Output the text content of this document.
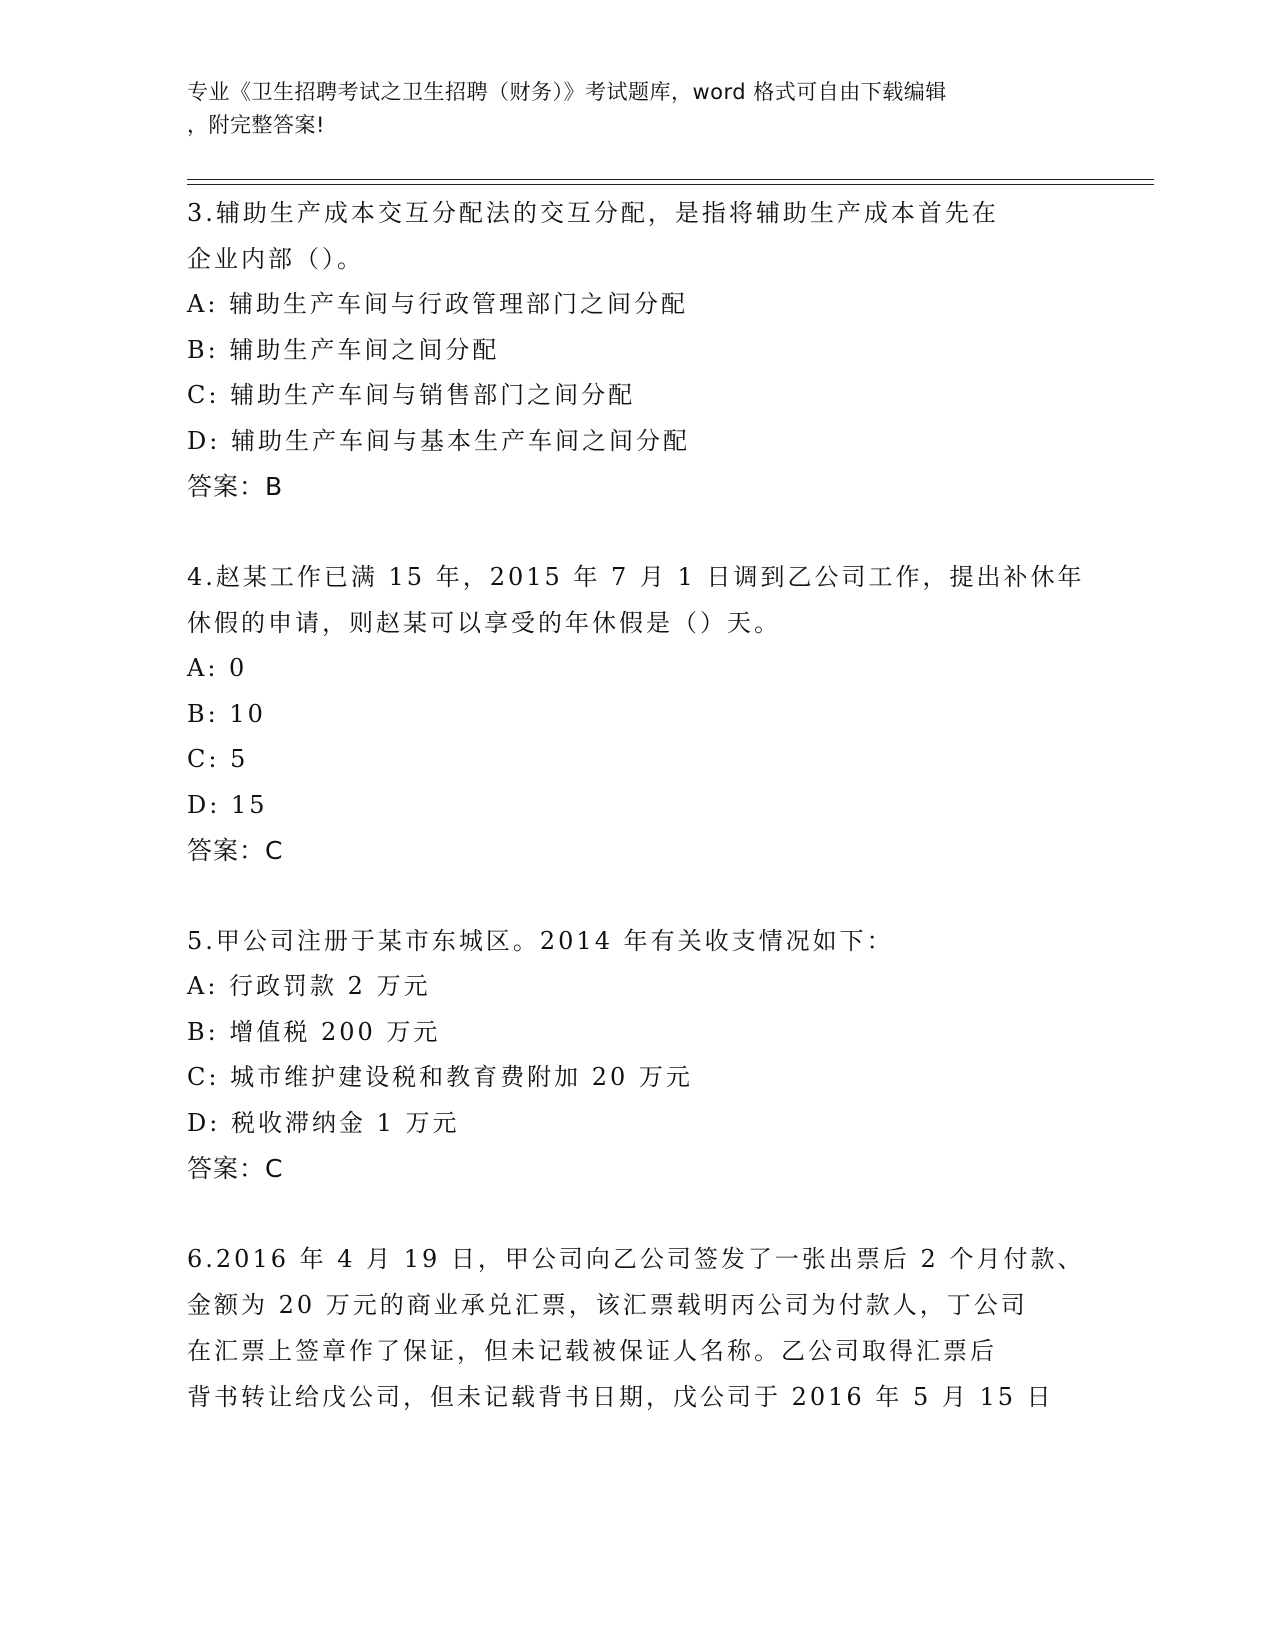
专业《卫生招聘考试之卫生招聘（财务）》考试题库，word 格式可自由下载编辑

，附完整答案!

3.辅助生产成本交互分配法的交互分配，是指将辅助生产成本首先在

企业内部（）。

A: 辅助生产车间与行政管理部门之间分配

B: 辅助生产车间之间分配

C: 辅助生产车间与销售部门之间分配

D: 辅助生产车间与基本生产车间之间分配

答案：B

4.赵某工作已满 15 年，2015 年 7 月 1 日调到乙公司工作，提出补休年

休假的申请，则赵某可以享受的年休假是（）天。

A: 0

B: 10

C: 5

D: 15

答案：C

5.甲公司注册于某市东城区。2014 年有关收支情况如下：

A: 行政罚款 2 万元

B: 增值税 200 万元

C: 城市维护建设税和教育费附加 20 万元

D: 税收滞纳金 1 万元

答案：C

6.2016 年 4 月 19 日，甲公司向乙公司签发了一张出票后 2 个月付款、

金额为 20 万元的商业承兑汇票，该汇票载明丙公司为付款人，丁公司

在汇票上签章作了保证，但未记载被保证人名称。乙公司取得汇票后

背书转让给戊公司，但未记载背书日期，戊公司于 2016 年 5 月 15 日
